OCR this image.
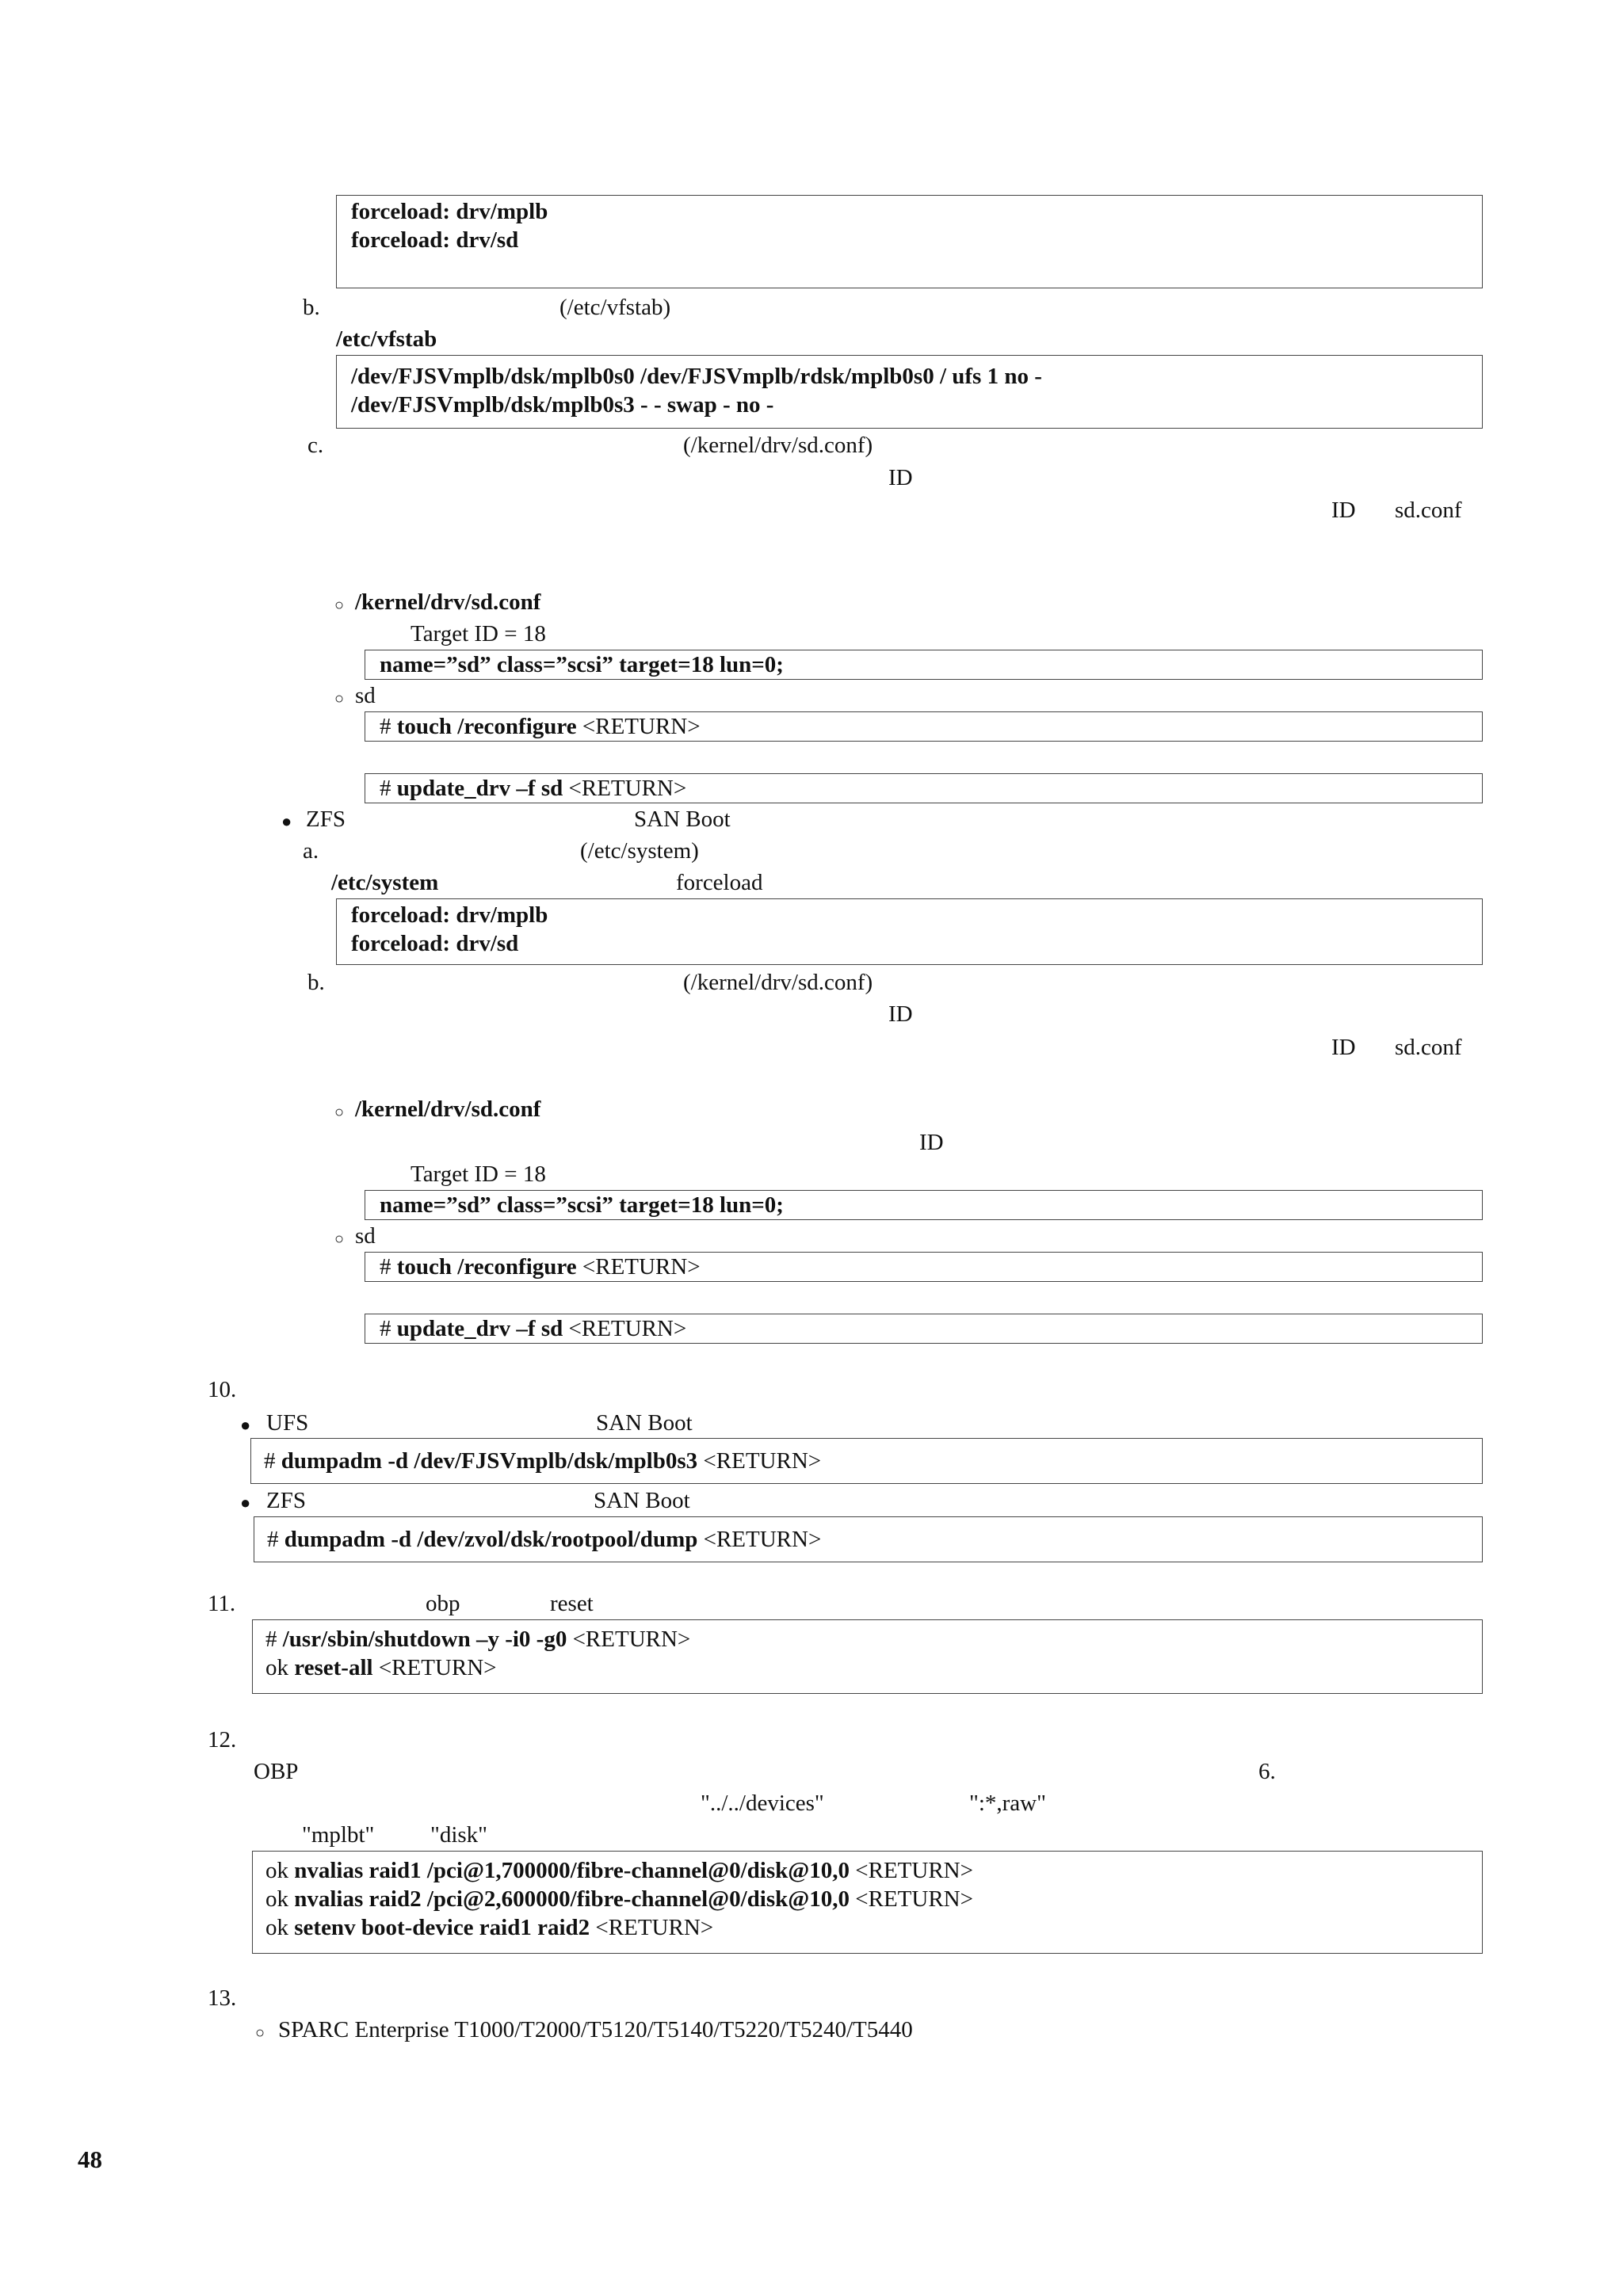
forceload: drv/mplb
forceload: drv/sd
b.	(/etc/vfstab)
/etc/vfstab
/dev/FJSVmplb/dsk/mplb0s0 /dev/FJSVmplb/rdsk/mplb0s0 / ufs 1 no -
/dev/FJSVmplb/dsk/mplb0s3 - - swap - no -
c.	(/kernel/drv/sd.conf)
ID
ID sd.conf
○ /kernel/drv/sd.conf
Target ID = 18
name=”sd” class=”scsi” target=18 lun=0;
○ sd
# touch /reconfigure <RETURN>
# update_drv –f sd <RETURN>
● ZFS	SAN Boot
a.	(/etc/system)
/etc/system	forceload
forceload: drv/mplb
forceload: drv/sd
b.	(/kernel/drv/sd.conf)
ID
ID sd.conf
○ /kernel/drv/sd.conf
ID
Target ID = 18
name=”sd” class=”scsi” target=18 lun=0;
○ sd
# touch /reconfigure <RETURN>
# update_drv –f sd <RETURN>
10.
● UFS	SAN Boot
# dumpadm -d /dev/FJSVmplb/dsk/mplb0s3 <RETURN>
● ZFS	SAN Boot
# dumpadm -d /dev/zvol/dsk/rootpool/dump <RETURN>
11.	obp	reset
# /usr/sbin/shutdown –y -i0 -g0 <RETURN>
ok reset-all <RETURN>
12.
OBP	6.
"../../devices"	":*,raw"
"mplbt" "disk"
ok nvalias raid1 /pci@1,700000/fibre-channel@0/disk@10,0 <RETURN>
ok nvalias raid2 /pci@2,600000/fibre-channel@0/disk@10,0 <RETURN>
ok setenv boot-device raid1 raid2 <RETURN>
13.
○ SPARC Enterprise T1000/T2000/T5120/T5140/T5220/T5240/T5440
48
